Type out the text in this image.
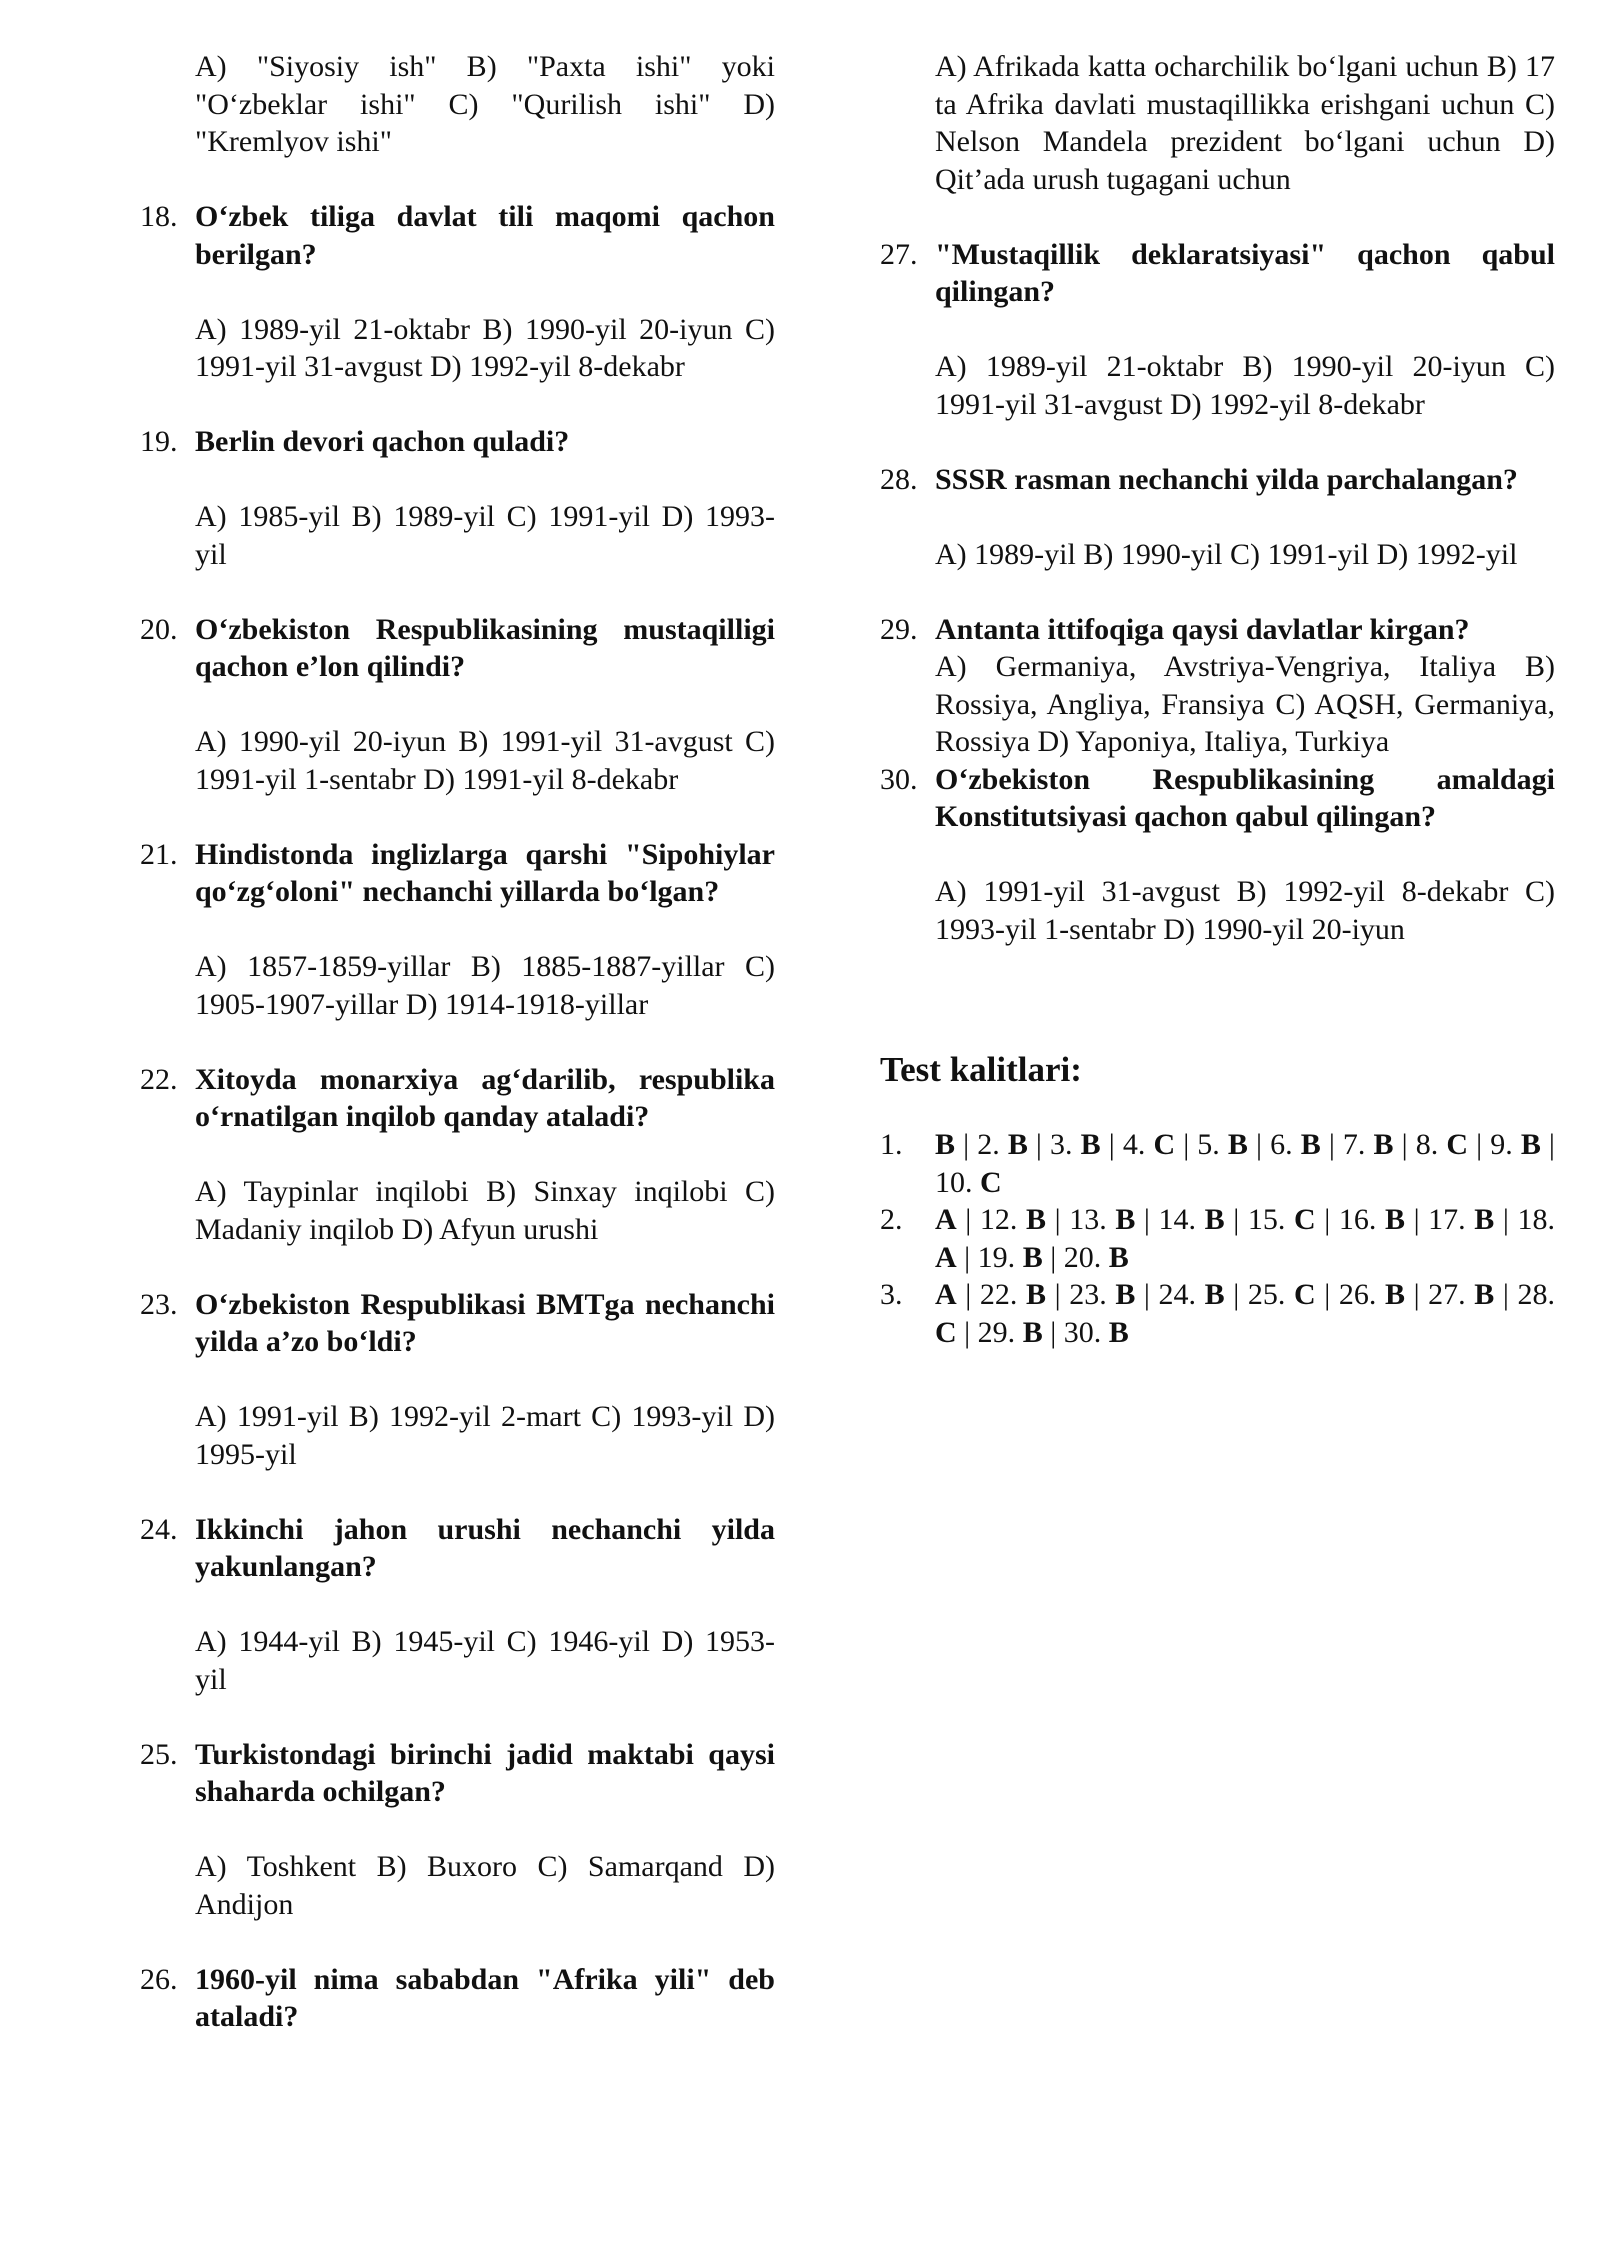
A) "Siyosiy ish" B) "Paxta ishi" yoki "O‘zbeklar ishi" C) "Qurilish ishi" D) "Kremlyov ishi"

18. O‘zbek tiliga davlat tili maqomi qachon berilgan?

A) 1989-yil 21-oktabr B) 1990-yil 20-iyun C) 1991-yil 31-avgust D) 1992-yil 8-dekabr

19. Berlin devori qachon quladi?

A) 1985-yil B) 1989-yil C) 1991-yil D) 1993-yil

20. O‘zbekiston Respublikasining mustaqilligi qachon e’lon qilindi?

A) 1990-yil 20-iyun B) 1991-yil 31-avgust C) 1991-yil 1-sentabr D) 1991-yil 8-dekabr

21. Hindistonda inglizlarga qarshi "Sipohiylar qo‘zg‘oloni" nechanchi yillarda bo‘lgan?

A) 1857-1859-yillar B) 1885-1887-yillar C) 1905-1907-yillar D) 1914-1918-yillar

22. Xitoyda monarxiya ag‘darilib, respublika o‘rnatilgan inqilob qanday ataladi?

A) Taypinlar inqilobi B) Sinxay inqilobi C) Madaniy inqilob D) Afyun urushi

23. O‘zbekiston Respublikasi BMTga nechanchi yilda a’zo bo‘ldi?

A) 1991-yil B) 1992-yil 2-mart C) 1993-yil D) 1995-yil

24. Ikkinchi jahon urushi nechanchi yilda yakunlangan?

A) 1944-yil B) 1945-yil C) 1946-yil D) 1953-yil

25. Turkistondagi birinchi jadid maktabi qaysi shaharda ochilgan?

A) Toshkent B) Buxoro C) Samarqand D) Andijon

26. 1960-yil nima sababdan "Afrika yili" deb ataladi?

A) Afrikada katta ocharchilik bo‘lgani uchun B) 17 ta Afrika davlati mustaqillikka erishgani uchun C) Nelson Mandela prezident bo‘lgani uchun D) Qit’ada urush tugagani uchun

27. "Mustaqillik deklaratsiyasi" qachon qabul qilingan?

A) 1989-yil 21-oktabr B) 1990-yil 20-iyun C) 1991-yil 31-avgust D) 1992-yil 8-dekabr

28. SSSR rasman nechanchi yilda parchalangan?

A) 1989-yil B) 1990-yil C) 1991-yil D) 1992-yil

29. Antanta ittifoqiga qaysi davlatlar kirgan?

A) Germaniya, Avstriya-Vengriya, Italiya B) Rossiya, Angliya, Fransiya C) AQSH, Germaniya, Rossiya D) Yaponiya, Italiya, Turkiya

30. O‘zbekiston Respublikasining amaldagi Konstitutsiyasi qachon qabul qilingan?

A) 1991-yil 31-avgust B) 1992-yil 8-dekabr C) 1993-yil 1-sentabr D) 1990-yil 20-iyun

Test kalitlari:
1.	B | 2. B | 3. B | 4. C | 5. B | 6. B | 7. B | 8. C | 9. B | 10. C
2.	A | 12. B | 13. B | 14. B | 15. C | 16. B | 17. B | 18. A | 19. B | 20. B
3.	A | 22. B | 23. B | 24. B | 25. C | 26. B | 27. B | 28. C | 29. B | 30. B
